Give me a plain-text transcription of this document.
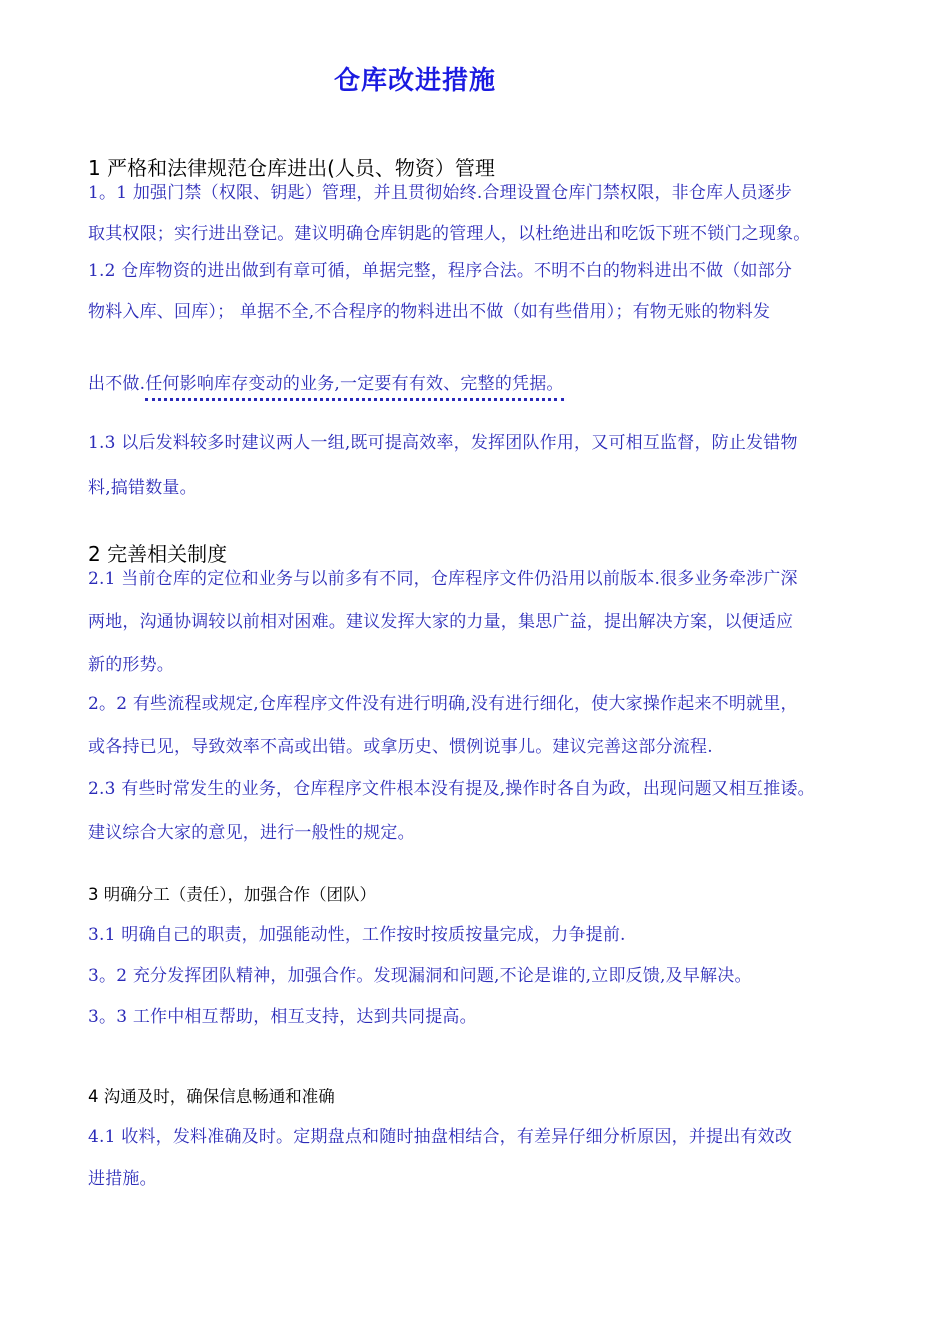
仓库改进措施
1 严格和法律规范仓库进出(人员、物资）管理
1。1 加强门禁（权限、钥匙）管理，并且贯彻始终.合理设置仓库门禁权限，非仓库人员逐步
取其权限；实行进出登记。建议明确仓库钥匙的管理人，以杜绝进出和吃饭下班不锁门之现象。
1.2 仓库物资的进出做到有章可循，单据完整，程序合法。不明不白的物料进出不做（如部分
物料入库、回库）； 单据不全,不合程序的物料进出不做（如有些借用）；有物无账的物料发
出不做.任何影响库存变动的业务,一定要有有效、完整的凭据。
1.3 以后发料较多时建议两人一组,既可提高效率，发挥团队作用，又可相互监督，防止发错物
料,搞错数量。
2 完善相关制度
2.1 当前仓库的定位和业务与以前多有不同，仓库程序文件仍沿用以前版本.很多业务牵涉广深
两地，沟通协调较以前相对困难。建议发挥大家的力量，集思广益，提出解决方案，以便适应
新的形势。
2。2 有些流程或规定,仓库程序文件没有进行明确,没有进行细化，使大家操作起来不明就里，
或各持已见，导致效率不高或出错。或拿历史、惯例说事儿。建议完善这部分流程.
2.3 有些时常发生的业务，仓库程序文件根本没有提及,操作时各自为政，出现问题又相互推诿。
建议综合大家的意见，进行一般性的规定。
3 明确分工（责任），加强合作（团队）
3.1 明确自己的职责，加强能动性，工作按时按质按量完成，力争提前.
3。2 充分发挥团队精神，加强合作。发现漏洞和问题,不论是谁的,立即反馈,及早解决。
3。3 工作中相互帮助，相互支持，达到共同提高。
4 沟通及时，确保信息畅通和准确
4.1 收料，发料准确及时。定期盘点和随时抽盘相结合，有差异仔细分析原因，并提出有效改
进措施。
